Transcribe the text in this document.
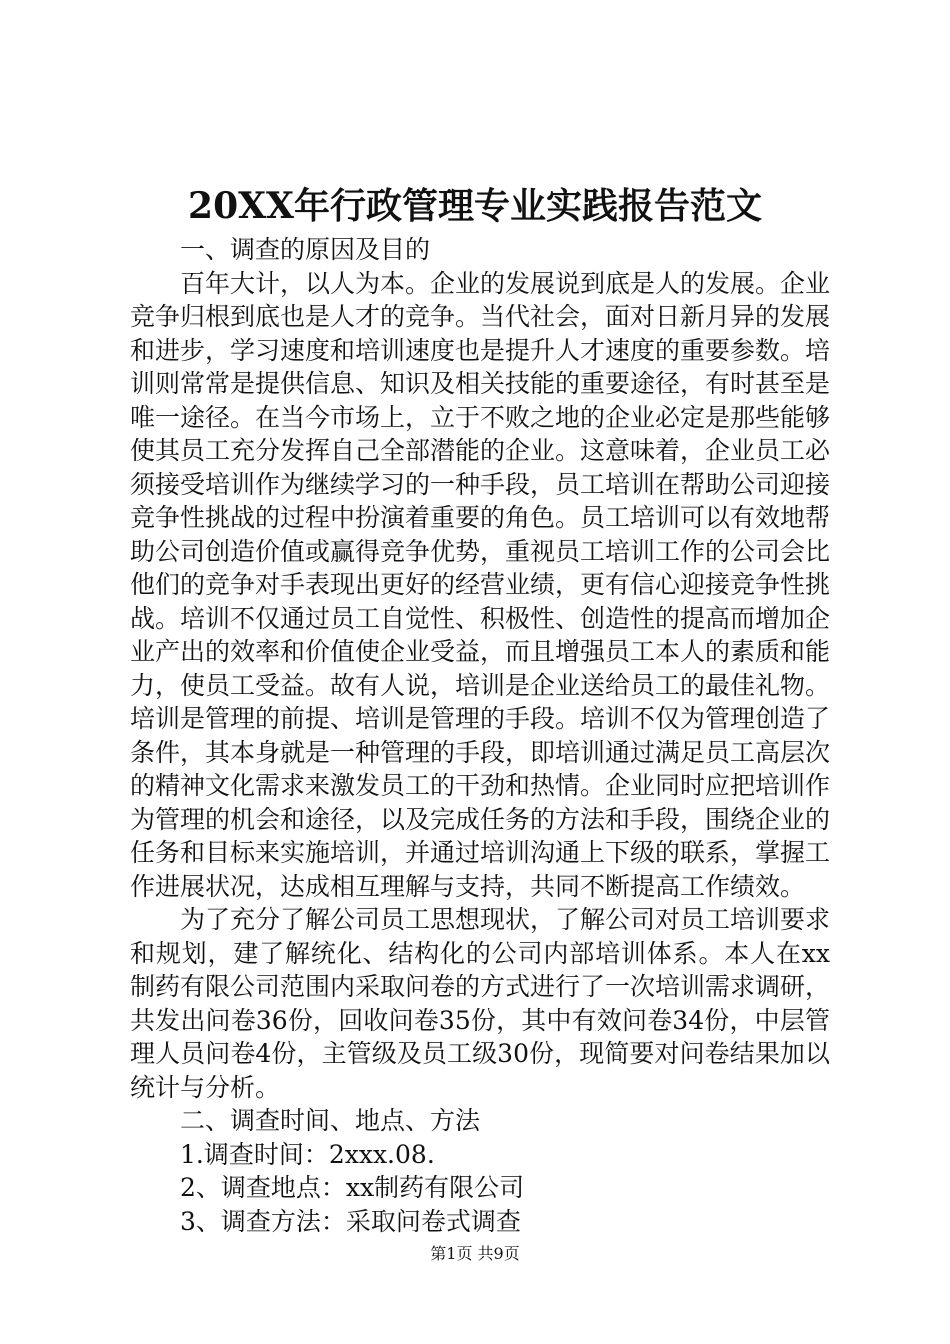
20XX年行政管理专业实践报告范文

一、调查的原因及目的

百年大计，以人为本。企业的发展说到底是人的发展。企业竞争归根到底也是人才的竞争。当代社会，面对日新月异的发展和进步，学习速度和培训速度也是提升人才速度的重要参数。培训则常常是提供信息、知识及相关技能的重要途径，有时甚至是唯一途径。在当今市场上，立于不败之地的企业必定是那些能够使其员工充分发挥自己全部潜能的企业。这意味着，企业员工必须接受培训作为继续学习的一种手段，员工培训在帮助公司迎接竞争性挑战的过程中扮演着重要的角色。员工培训可以有效地帮助公司创造价值或赢得竞争优势，重视员工培训工作的公司会比他们的竞争对手表现出更好的经营业绩，更有信心迎接竞争性挑战。培训不仅通过员工自觉性、积极性、创造性的提高而增加企业产出的效率和价值使企业受益，而且增强员工本人的素质和能力，使员工受益。故有人说，培训是企业送给员工的最佳礼物。培训是管理的前提、培训是管理的手段。培训不仅为管理创造了条件，其本身就是一种管理的手段，即培训通过满足员工高层次的精神文化需求来激发员工的干劲和热情。企业同时应把培训作为管理的机会和途径，以及完成任务的方法和手段，围绕企业的任务和目标来实施培训，并通过培训沟通上下级的联系，掌握工作进展状况，达成相互理解与支持，共同不断提高工作绩效。

为了充分了解公司员工思想现状，了解公司对员工培训要求和规划，建了解统化、结构化的公司内部培训体系。本人在xx制药有限公司范围内采取问卷的方式进行了一次培训需求调研，共发出问卷36份，回收问卷35份，其中有效问卷34份，中层管理人员问卷4份，主管级及员工级30份，现简要对问卷结果加以统计与分析。

二、调查时间、地点、方法

1.调查时间：2xxx.08.

2、调查地点：xx制药有限公司

3、调查方法：采取问卷式调查

第1页 共9页
